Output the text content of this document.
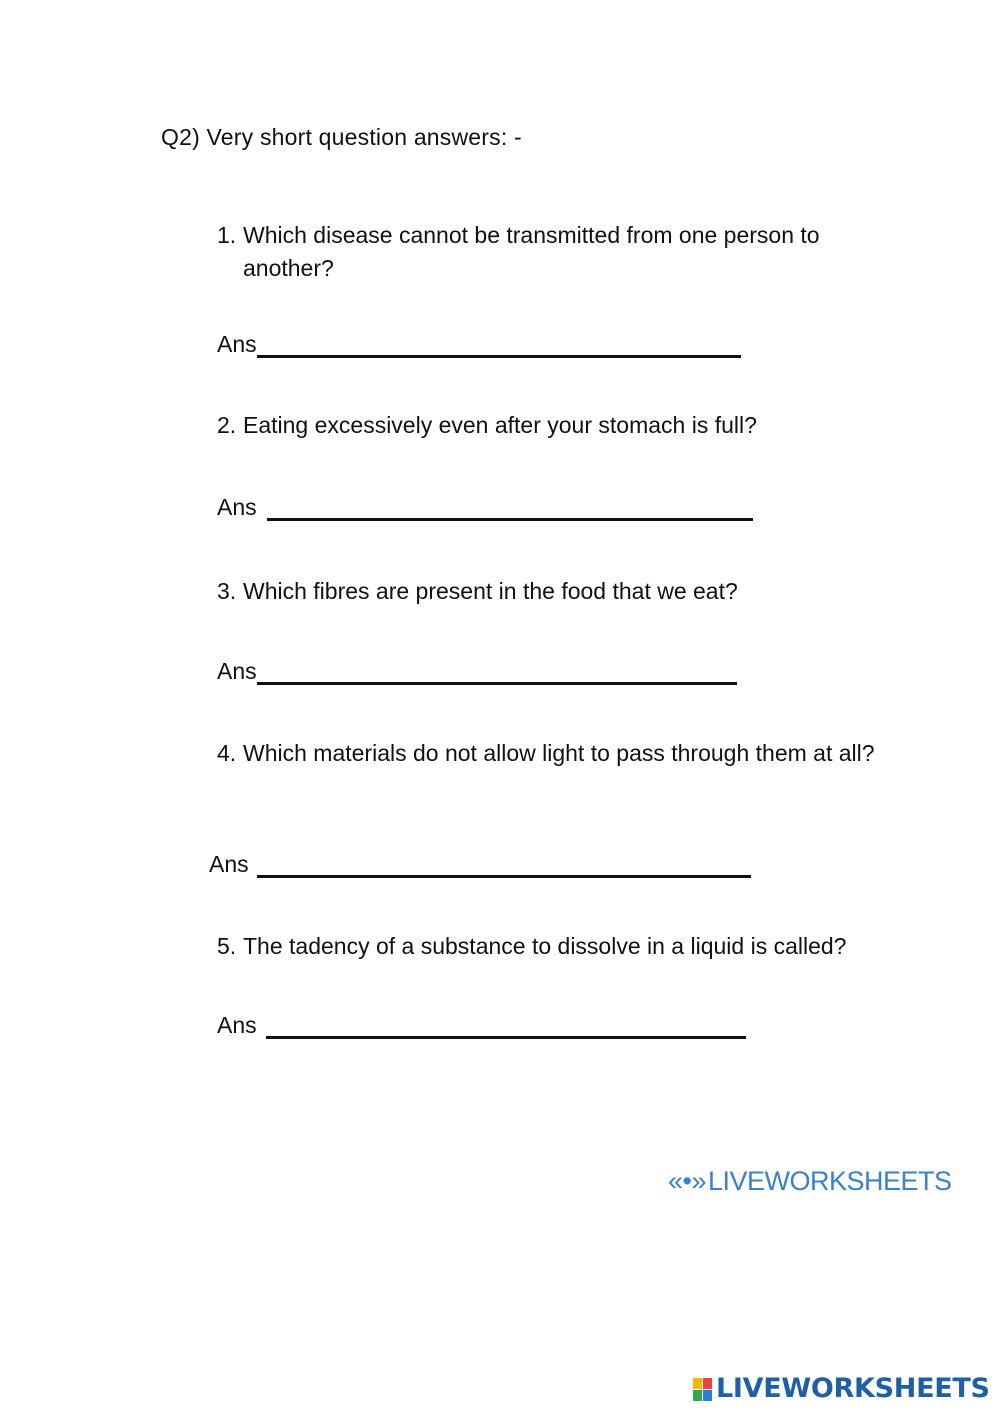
Q2) Very short question answers: -
1. Which disease cannot be transmitted from one person to another?
Ans
2. Eating excessively even after your stomach is full?
Ans
3. Which fibres are present in the food that we eat?
Ans
4. Which materials do not allow light to pass through them at all?
Ans
5. The tadency of a substance to dissolve in a liquid is called?
Ans
«•»LIVEWORKSHEETS
LIVEWORKSHEETS
